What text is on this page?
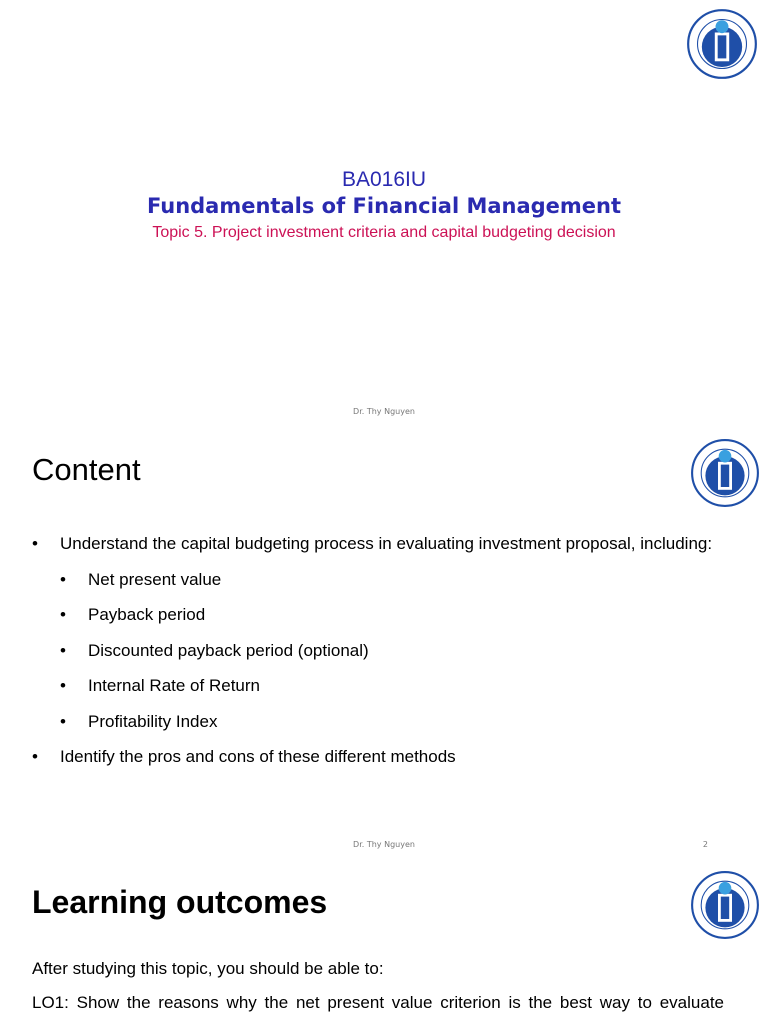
BA016IU
Fundamentals of Financial Management
Topic 5. Project investment criteria and capital budgeting decision
Dr. Thy Nguyen
Content
• Understand the capital budgeting process in evaluating investment proposal, including:
• Net present value
• Payback period
• Discounted payback period (optional)
• Internal Rate of Return
• Profitability Index
• Identify the pros and cons of these different methods
Dr. Thy Nguyen	2
Learning outcomes
After studying this topic, you should be able to:
LO1: Show the reasons why the net present value criterion is the best way to evaluate
